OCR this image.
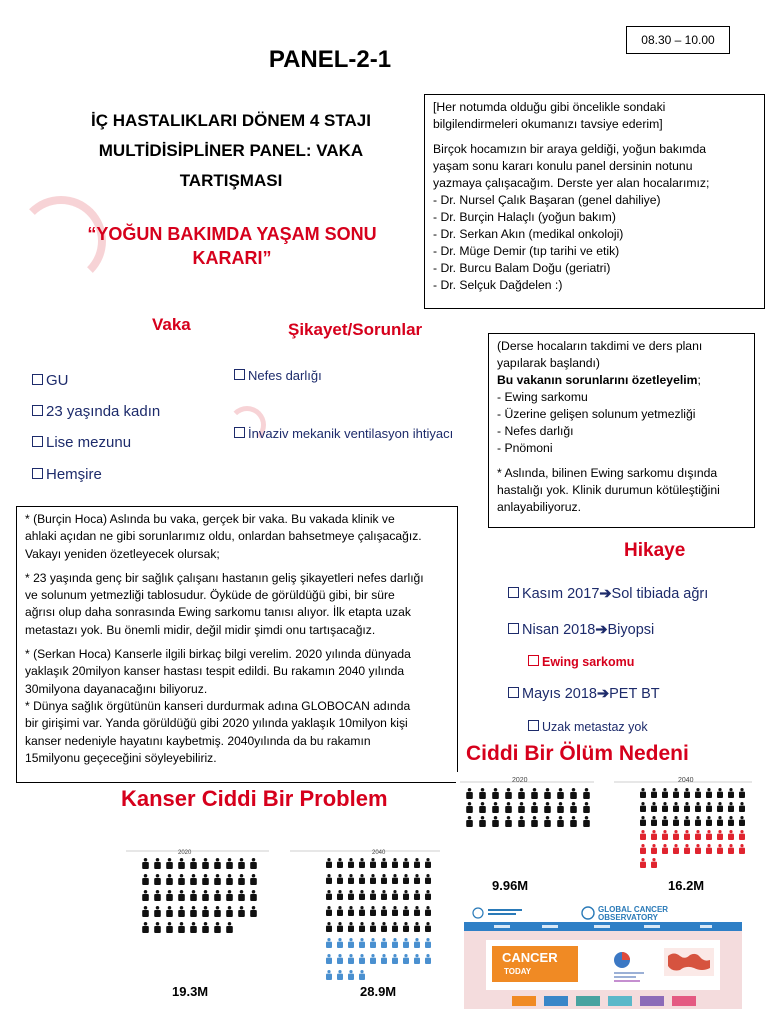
08.30 – 10.00
PANEL-2-1
İÇ HASTALIKLARI DÖNEM 4 STAJI
MULTİDİSİPLİNER PANEL: VAKA
TARTIŞMASI
“YOĞUN BAKIMDA YAŞAM SONU
KARARI”

[Her notumda olduğu gibi öncelikle sondaki
bilgilendirmeleri okumanızı tavsiye ederim]

Birçok hocamızın bir araya geldiği, yoğun bakımda
yaşam sonu kararı konulu panel dersinin notunu
yazmaya çalışacağım. Derste yer alan hocalarımız;
- Dr. Nursel Çalık Başaran (genel dahiliye)
- Dr. Burçin Halaçlı (yoğun bakım)
- Dr. Serkan Akın (medikal onkoloji)
- Dr. Müge Demir (tıp tarihi ve etik)
- Dr. Burcu Balam Doğu (geriatri)
- Dr. Selçuk Dağdelen :)
Vaka
GU
23 yaşında kadın
Lise mezunu
Hemşire
Şikayet/Sorunlar
Nefes darlığı
İnvaziv mekanik ventilasyon ihtiyacı
(Derse hocaların takdimi ve ders planı
yapılarak başlandı)
Bu vakanın sorunlarını özetleyelim;
- Ewing sarkomu
- Üzerine gelişen solunum yetmezliği
- Nefes darlığı
- Pnömoni
* Aslında, bilinen Ewing sarkomu dışında
hastalığı yok. Klinik durumun kötüleştiğini
anlayabiliyoruz.

* (Burçin Hoca) Aslında bu vaka, gerçek bir vaka. Bu vakada klinik ve
ahlaki açıdan ne gibi sorunlarımız oldu, onlardan bahsetmeye çalışacağız.
Vakayı yeniden özetleyecek olursak;

* 23 yaşında genç bir sağlık çalışanı hastanın geliş şikayetleri nefes darlığı
ve solunum yetmezliği tablosudur. Öyküde de görüldüğü gibi, bir süre
ağrısı olup daha sonrasında Ewing sarkomu tanısı alıyor. İlk etapta uzak
metastazı yok. Bu önemli midir, değil midir şimdi onu tartışacağız.

* (Serkan Hoca) Kanserle ilgili birkaç bilgi verelim. 2020 yılında dünyada
yaklaşık 20milyon kanser hastası tespit edildi. Bu rakamın 2040 yılında
30milyona dayanacağını biliyoruz.
* Dünya sağlık örgütünün kanseri durdurmak adına GLOBOCAN adında
bir girişimi var. Yanda görüldüğü gibi 2020 yılında yaklaşık 10milyon kişi
kanser nedeniyle hayatını kaybetmiş. 2040yılında da bu rakamın
15milyonu geçeceğini söyleyebiliriz.

Hikaye
Kasım 2017➔Sol tibiada ağrı
Nisan 2018➔Biyopsi
Ewing sarkomu
Mayıs 2018➔PET BT
Uzak metastaz yok
Ciddi Bir Ölüm Nedeni
2020	2040
9.96M	16.2M
Kanser Ciddi Bir Problem
2020	2040
19.3M	28.9M
GLOBAL CANCER
OBSERVATORY
CANCER
TODAY
